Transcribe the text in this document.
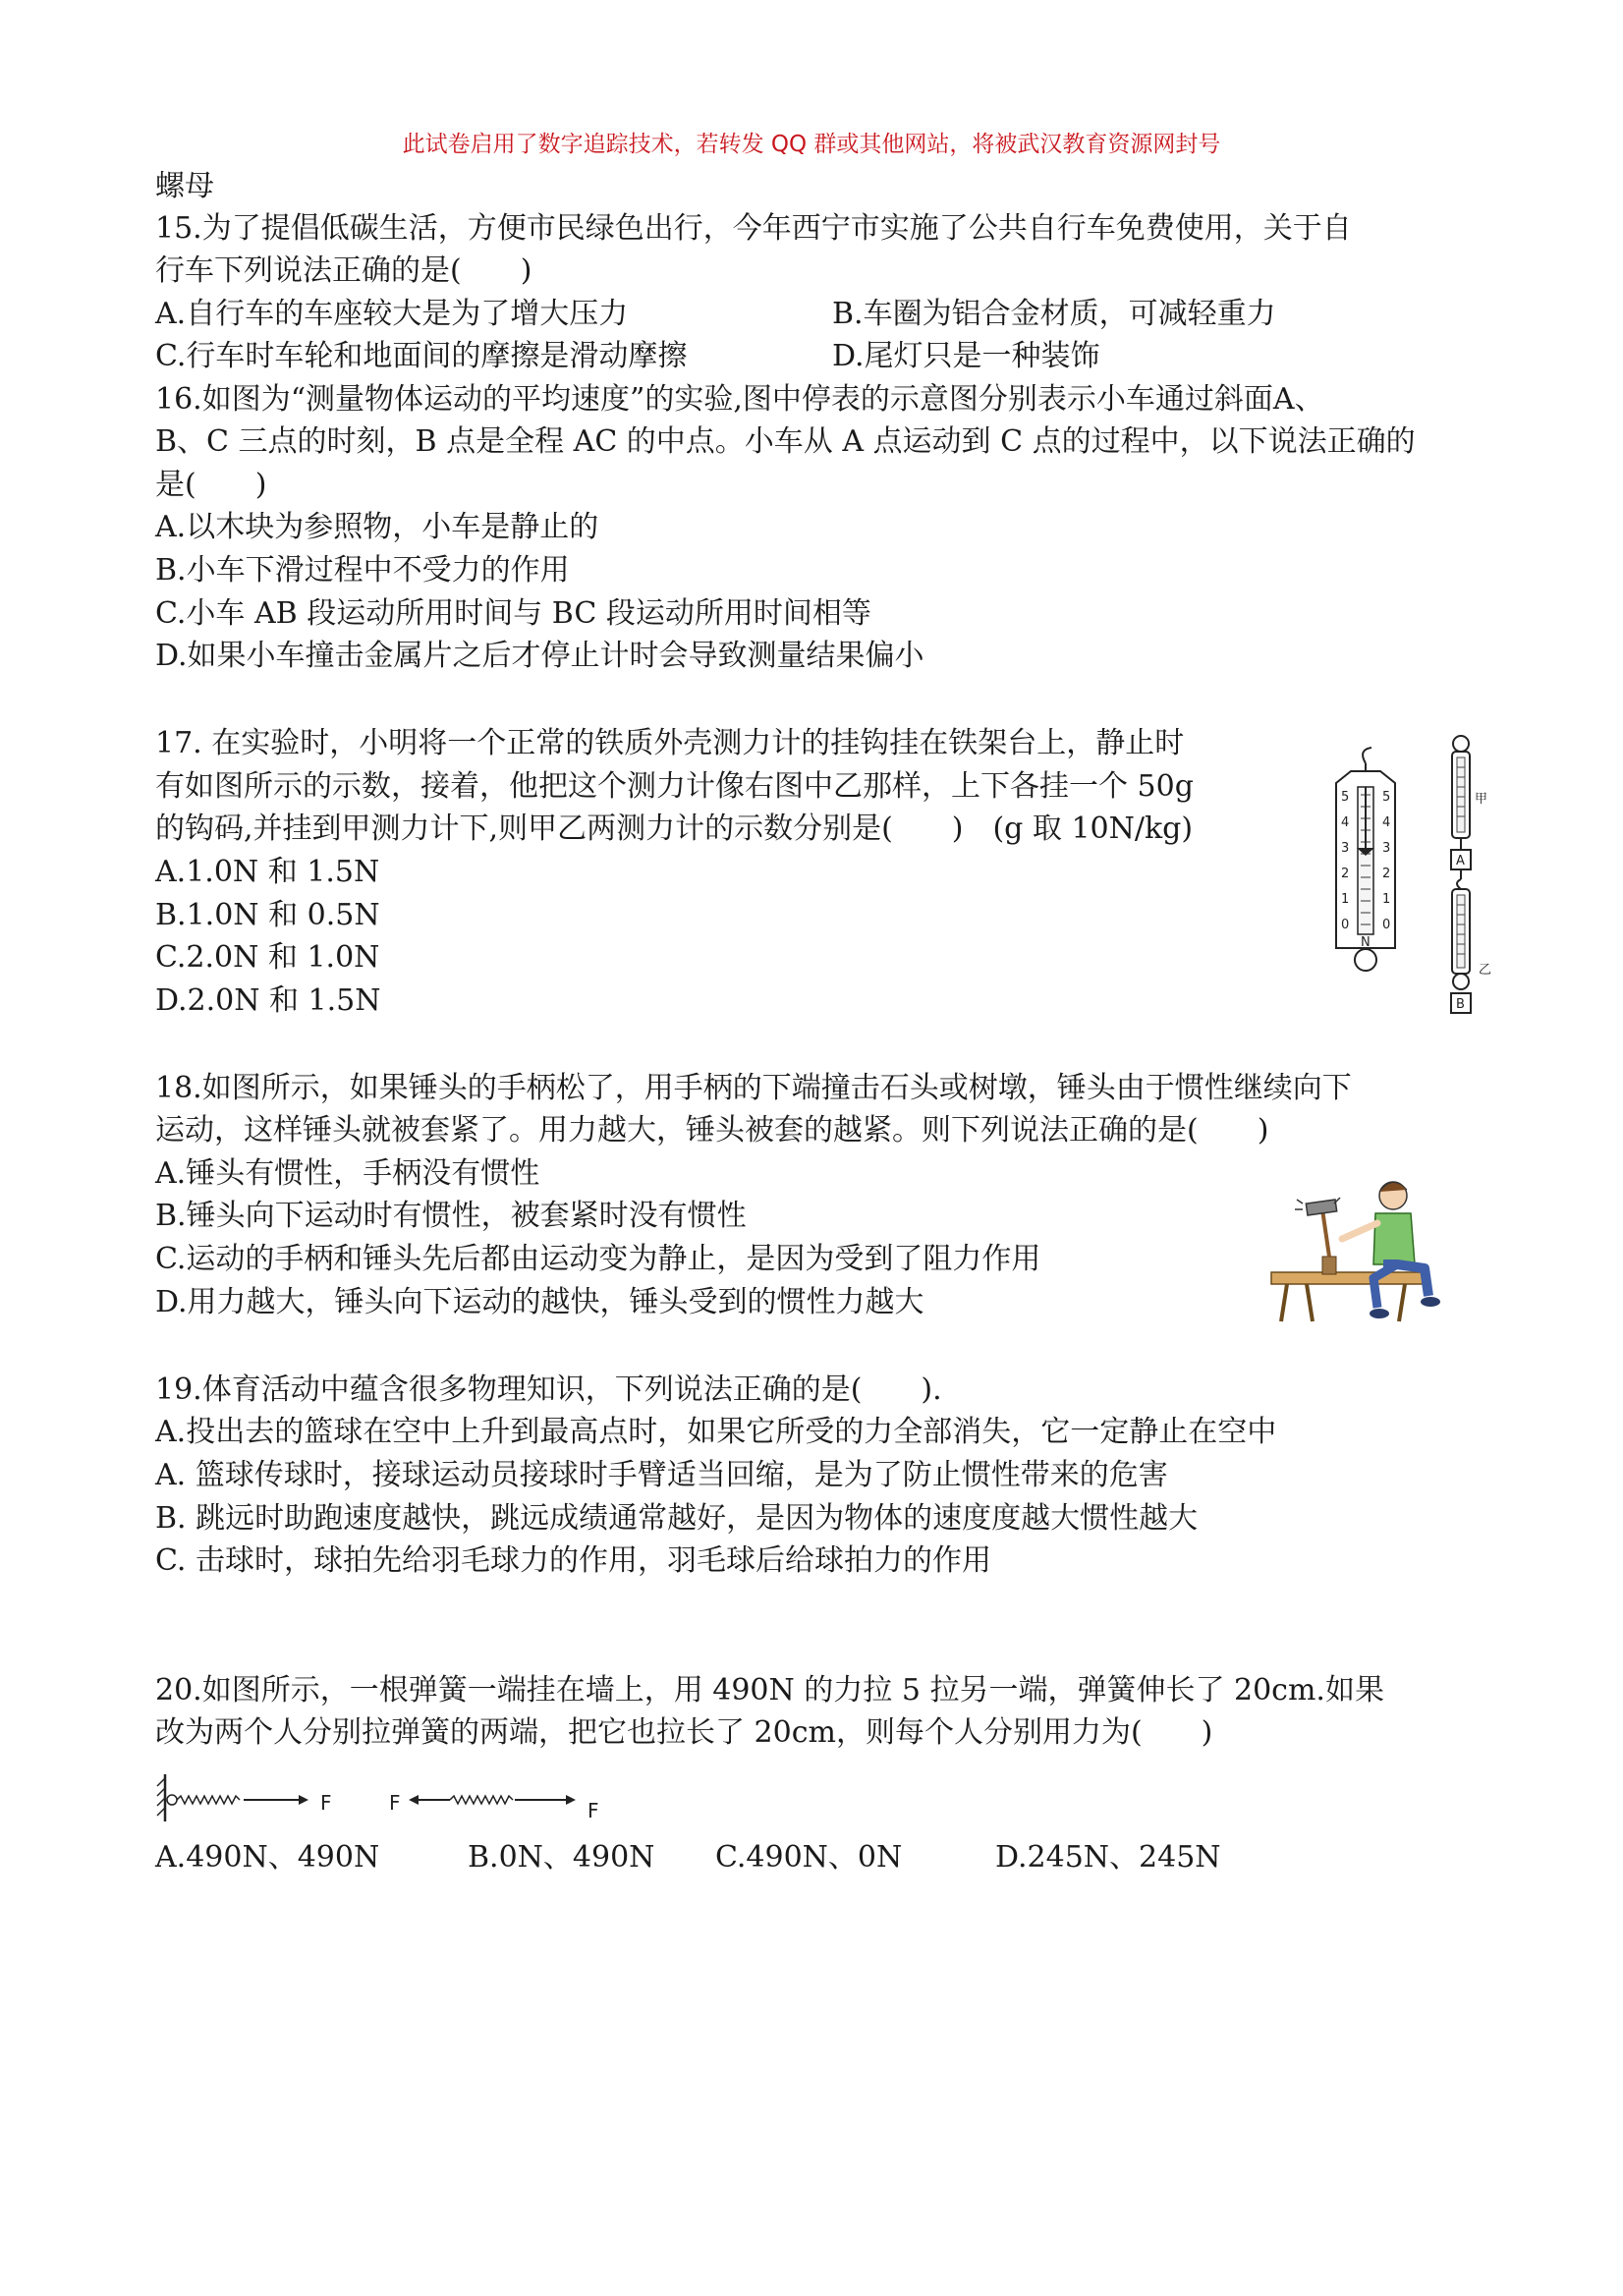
此试卷启用了数字追踪技术，若转发 QQ 群或其他网站，将被武汉教育资源网封号
螺母
15.为了提倡低碳生活，方便市民绿色出行，今年西宁市实施了公共自行车免费使用，关于自
行车下列说法正确的是(　　)
A.自行车的车座较大是为了增大压力	B.车圈为铝合金材质，可减轻重力
C.行车时车轮和地面间的摩擦是滑动摩擦	D.尾灯只是一种装饰
16.如图为“测量物体运动的平均速度”的实验,图中停表的示意图分别表示小车通过斜面A、
B、C 三点的时刻，B 点是全程 AC 的中点。小车从 A 点运动到 C 点的过程中，以下说法正确的
是(　　)
A.以木块为参照物，小车是静止的
B.小车下滑过程中不受力的作用
C.小车 AB 段运动所用时间与 BC 段运动所用时间相等
D.如果小车撞击金属片之后才停止计时会导致测量结果偏小
17. 在实验时，小明将一个正常的铁质外壳测力计的挂钩挂在铁架台上，静止时
有如图所示的示数，接着，他把这个测力计像右图中乙那样，上下各挂一个 50g
的钩码,并挂到甲测力计下,则甲乙两测力计的示数分别是(　　)　(g 取 10N/kg)
A.1.0N 和 1.5N
B.1.0N 和 0.5N
C.2.0N 和 1.0N
D.2.0N 和 1.5N
0
1
2
3
4
5
0
1
2
3
4
5
N
甲
A
乙
B
18.如图所示，如果锤头的手柄松了，用手柄的下端撞击石头或树墩，锤头由于惯性继续向下
运动，这样锤头就被套紧了。用力越大，锤头被套的越紧。则下列说法正确的是(　　)
A.锤头有惯性，手柄没有惯性
B.锤头向下运动时有惯性，被套紧时没有惯性
C.运动的手柄和锤头先后都由运动变为静止，是因为受到了阻力作用
D.用力越大，锤头向下运动的越快，锤头受到的惯性力越大
19.体育活动中蕴含很多物理知识，下列说法正确的是(　　).
A.投出去的篮球在空中上升到最高点时，如果它所受的力全部消失，它一定静止在空中
A. 篮球传球时，接球运动员接球时手臂适当回缩，是为了防止惯性带来的危害
B. 跳远时助跑速度越快，跳远成绩通常越好，是因为物体的速度度越大惯性越大
C. 击球时，球拍先给羽毛球力的作用，羽毛球后给球拍力的作用
20.如图所示，一根弹簧一端挂在墙上，用 490N 的力拉 5 拉另一端，弹簧伸长了 20cm.如果
改为两个人分别拉弹簧的两端，把它也拉长了 20cm，则每个人分别用力为(　　)
F	F	F
A.490N、490N	B.0N、490N C.490N、0N	D.245N、245N
